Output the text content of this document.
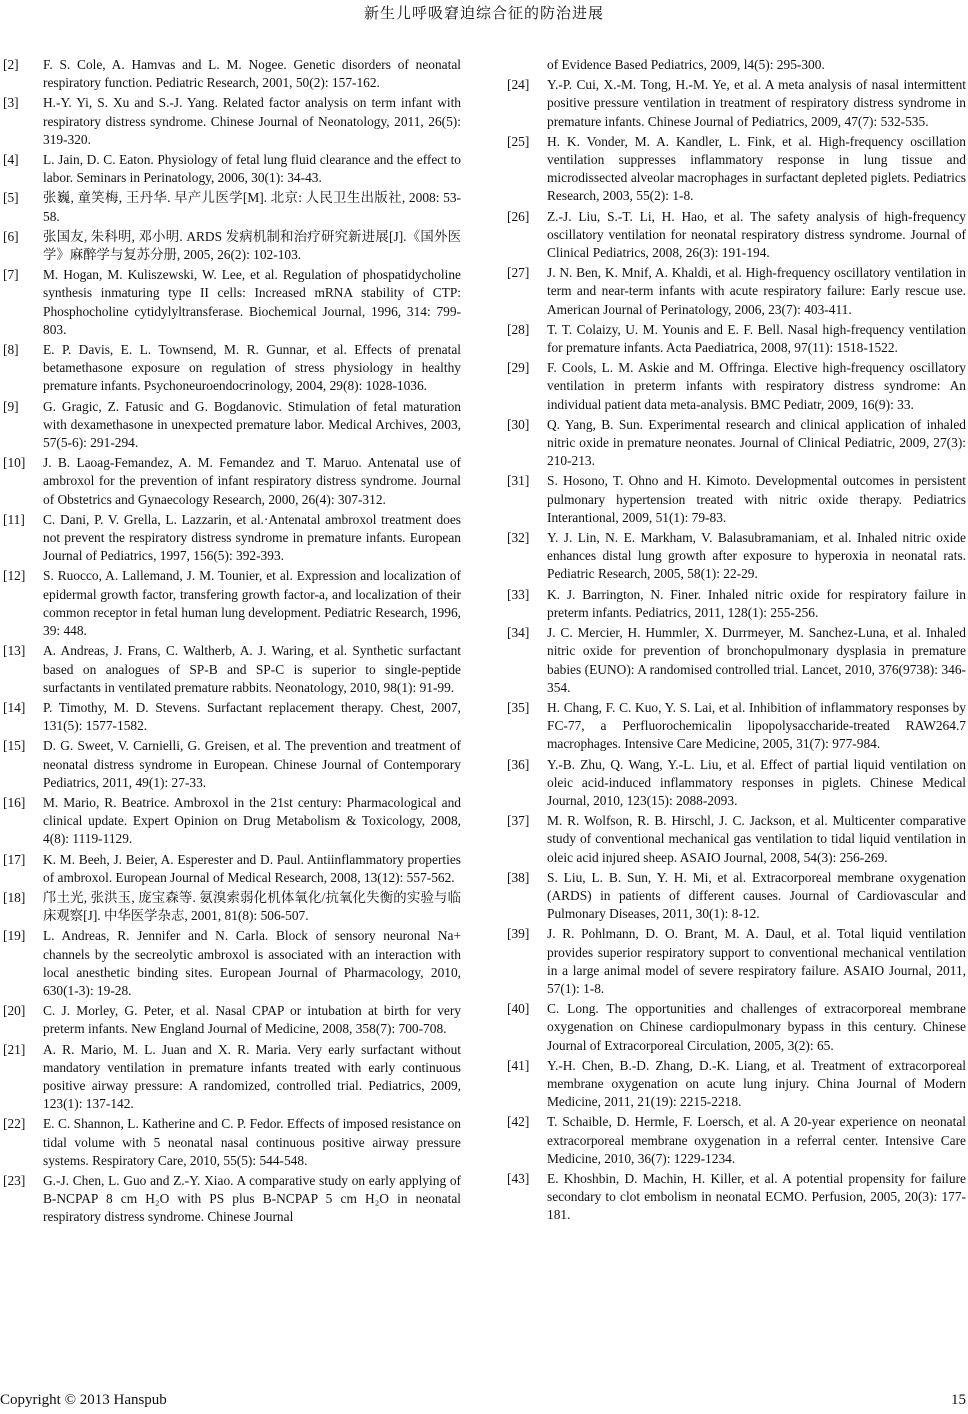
新生儿呼吸窘迫综合征的防治进展
[2]	F. S. Cole, A. Hamvas and L. M. Nogee. Genetic disorders of neonatal respiratory function. Pediatric Research, 2001, 50(2): 157-162.
[3]	H.-Y. Yi, S. Xu and S.-J. Yang. Related factor analysis on term infant with respiratory distress syndrome. Chinese Journal of Neonatology, 2011, 26(5): 319-320.
[4]	L. Jain, D. C. Eaton. Physiology of fetal lung fluid clearance and the effect to labor. Seminars in Perinatology, 2006, 30(1): 34-43.
[5]	张巍, 童笑梅, 王丹华. 早产儿医学[M]. 北京: 人民卫生出版社, 2008: 53-58.
[6]	张国友, 朱科明, 邓小明. ARDS 发病机制和治疗研究新进展[J].《国外医学》麻醉学与复苏分册, 2005, 26(2): 102-103.
[7]	M. Hogan, M. Kuliszewski, W. Lee, et al. Regulation of phospatidycholine synthesis inmaturing type II cells: Increased mRNA stability of CTP: Phosphocholine cytidylyltransferase. Biochemical Journal, 1996, 314: 799-803.
[8]	E. P. Davis, E. L. Townsend, M. R. Gunnar, et al. Effects of prenatal betamethasone exposure on regulation of stress physiology in healthy premature infants. Psychoneuroendocrinology, 2004, 29(8): 1028-1036.
[9]	G. Gragic, Z. Fatusic and G. Bogdanovic. Stimulation of fetal maturation with dexamethasone in unexpected premature labor. Medical Archives, 2003, 57(5-6): 291-294.
[10]	J. B. Laoag-Femandez, A. M. Femandez and T. Maruo. Antenatal use of ambroxol for the prevention of infant respiratory distress syndrome. Journal of Obstetrics and Gynaecology Research, 2000, 26(4): 307-312.
[11]	C. Dani, P. V. Grella, L. Lazzarin, et al.·Antenatal ambroxol treatment does not prevent the respiratory distress syndrome in premature infants. European Journal of Pediatrics, 1997, 156(5): 392-393.
[12]	S. Ruocco, A. Lallemand, J. M. Tounier, et al. Expression and localization of epidermal growth factor, transfering growth factor-a, and localization of their common receptor in fetal human lung development. Pediatric Research, 1996, 39: 448.
[13]	A. Andreas, J. Frans, C. Waltherb, A. J. Waring, et al. Synthetic surfactant based on analogues of SP-B and SP-C is superior to single-peptide surfactants in ventilated premature rabbits. Neonatology, 2010, 98(1): 91-99.
[14]	P. Timothy, M. D. Stevens. Surfactant replacement therapy. Chest, 2007, 131(5): 1577-1582.
[15]	D. G. Sweet, V. Carnielli, G. Greisen, et al. The prevention and treatment of neonatal distress syndrome in European. Chinese Journal of Contemporary Pediatrics, 2011, 49(1): 27-33.
[16]	M. Mario, R. Beatrice. Ambroxol in the 21st century: Pharmacological and clinical update. Expert Opinion on Drug Metabolism & Toxicology, 2008, 4(8): 1119-1129.
[17]	K. M. Beeh, J. Beier, A. Esperester and D. Paul. Antiinflammatory properties of ambroxol. European Journal of Medical Research, 2008, 13(12): 557-562.
[18]	邝土光, 张洪玉, 庞宝森等. 氨溴索弱化机体氧化/抗氧化失衡的实验与临床观察[J]. 中华医学杂志, 2001, 81(8): 506-507.
[19]	L. Andreas, R. Jennifer and N. Carla. Block of sensory neuronal Na+ channels by the secreolytic ambroxol is associated with an interaction with local anesthetic binding sites. European Journal of Pharmacology, 2010, 630(1-3): 19-28.
[20]	C. J. Morley, G. Peter, et al. Nasal CPAP or intubation at birth for very preterm infants. New England Journal of Medicine, 2008, 358(7): 700-708.
[21]	A. R. Mario, M. L. Juan and X. R. Maria. Very early surfactant without mandatory ventilation in premature infants treated with early continuous positive airway pressure: A randomized, controlled trial. Pediatrics, 2009, 123(1): 137-142.
[22]	E. C. Shannon, L. Katherine and C. P. Fedor. Effects of imposed resistance on tidal volume with 5 neonatal nasal continuous positive airway pressure systems. Respiratory Care, 2010, 55(5): 544-548.
[23]	G.-J. Chen, L. Guo and Z.-Y. Xiao. A comparative study on early applying of B-NCPAP 8 cm H₂O with PS plus B-NCPAP 5 cm H₂O in neonatal respiratory distress syndrome. Chinese Journal
of Evidence Based Pediatrics, 2009, l4(5): 295-300.
[24]	Y.-P. Cui, X.-M. Tong, H.-M. Ye, et al. A meta analysis of nasal intermittent positive pressure ventilation in treatment of respiratory distress syndrome in premature infants. Chinese Journal of Pediatrics, 2009, 47(7): 532-535.
[25]	H. K. Vonder, M. A. Kandler, L. Fink, et al. High-frequency oscillation ventilation suppresses inflammatory response in lung tissue and microdissected alveolar macrophages in surfactant depleted piglets. Pediatrics Research, 2003, 55(2): 1-8.
[26]	Z.-J. Liu, S.-T. Li, H. Hao, et al. The safety analysis of high-frequency oscillatory ventilation for neonatal respiratory distress syndrome. Journal of Clinical Pediatrics, 2008, 26(3): 191-194.
[27]	J. N. Ben, K. Mnif, A. Khaldi, et al. High-frequency oscillatory ventilation in term and near-term infants with acute respiratory failure: Early rescue use. American Journal of Perinatology, 2006, 23(7): 403-411.
[28]	T. T. Colaizy, U. M. Younis and E. F. Bell. Nasal high-frequency ventilation for premature infants. Acta Paediatrica, 2008, 97(11): 1518-1522.
[29]	F. Cools, L. M. Askie and M. Offringa. Elective high-frequency oscillatory ventilation in preterm infants with respiratory distress syndrome: An individual patient data meta-analysis. BMC Pediatr, 2009, 16(9): 33.
[30]	Q. Yang, B. Sun. Experimental research and clinical application of inhaled nitric oxide in premature neonates. Journal of Clinical Pediatric, 2009, 27(3): 210-213.
[31]	S. Hosono, T. Ohno and H. Kimoto. Developmental outcomes in persistent pulmonary hypertension treated with nitric oxide therapy. Pediatrics Interantional, 2009, 51(1): 79-83.
[32]	Y. J. Lin, N. E. Markham, V. Balasubramaniam, et al. Inhaled nitric oxide enhances distal lung growth after exposure to hyperoxia in neonatal rats. Pediatric Research, 2005, 58(1): 22-29.
[33]	K. J. Barrington, N. Finer. Inhaled nitric oxide for respiratory failure in preterm infants. Pediatrics, 2011, 128(1): 255-256.
[34]	J. C. Mercier, H. Hummler, X. Durrmeyer, M. Sanchez-Luna, et al. Inhaled nitric oxide for prevention of bronchopulmonary dysplasia in premature babies (EUNO): A randomised controlled trial. Lancet, 2010, 376(9738): 346-354.
[35]	H. Chang, F. C. Kuo, Y. S. Lai, et al. Inhibition of inflammatory responses by FC-77, a Perfluorochemicalin lipopolysaccharide-treated RAW264.7 macrophages. Intensive Care Medicine, 2005, 31(7): 977-984.
[36]	Y.-B. Zhu, Q. Wang, Y.-L. Liu, et al. Effect of partial liquid ventilation on oleic acid-induced inflammatory responses in piglets. Chinese Medical Journal, 2010, 123(15): 2088-2093.
[37]	M. R. Wolfson, R. B. Hirschl, J. C. Jackson, et al. Multicenter comparative study of conventional mechanical gas ventilation to tidal liquid ventilation in oleic acid injured sheep. ASAIO Journal, 2008, 54(3): 256-269.
[38]	S. Liu, L. B. Sun, Y. H. Mi, et al. Extracorporeal membrane oxygenation (ARDS) in patients of different causes. Journal of Cardiovascular and Pulmonary Diseases, 2011, 30(1): 8-12.
[39]	J. R. Pohlmann, D. O. Brant, M. A. Daul, et al. Total liquid ventilation provides superior respiratory support to conventional mechanical ventilation in a large animal model of severe respiratory failure. ASAIO Journal, 2011, 57(1): 1-8.
[40]	C. Long. The opportunities and challenges of extracorporeal membrane oxygenation on Chinese cardiopulmonary bypass in this century. Chinese Journal of Extracorporeal Circulation, 2005, 3(2): 65.
[41]	Y.-H. Chen, B.-D. Zhang, D.-K. Liang, et al. Treatment of extracorporeal membrane oxygenation on acute lung injury. China Journal of Modern Medicine, 2011, 21(19): 2215-2218.
[42]	T. Schaible, D. Hermle, F. Loersch, et al. A 20-year experience on neonatal extracorporeal membrane oxygenation in a referral center. Intensive Care Medicine, 2010, 36(7): 1229-1234.
[43]	E. Khoshbin, D. Machin, H. Killer, et al. A potential propensity for failure secondary to clot embolism in neonatal ECMO. Perfusion, 2005, 20(3): 177-181.
Copyright © 2013 Hanspub	15
